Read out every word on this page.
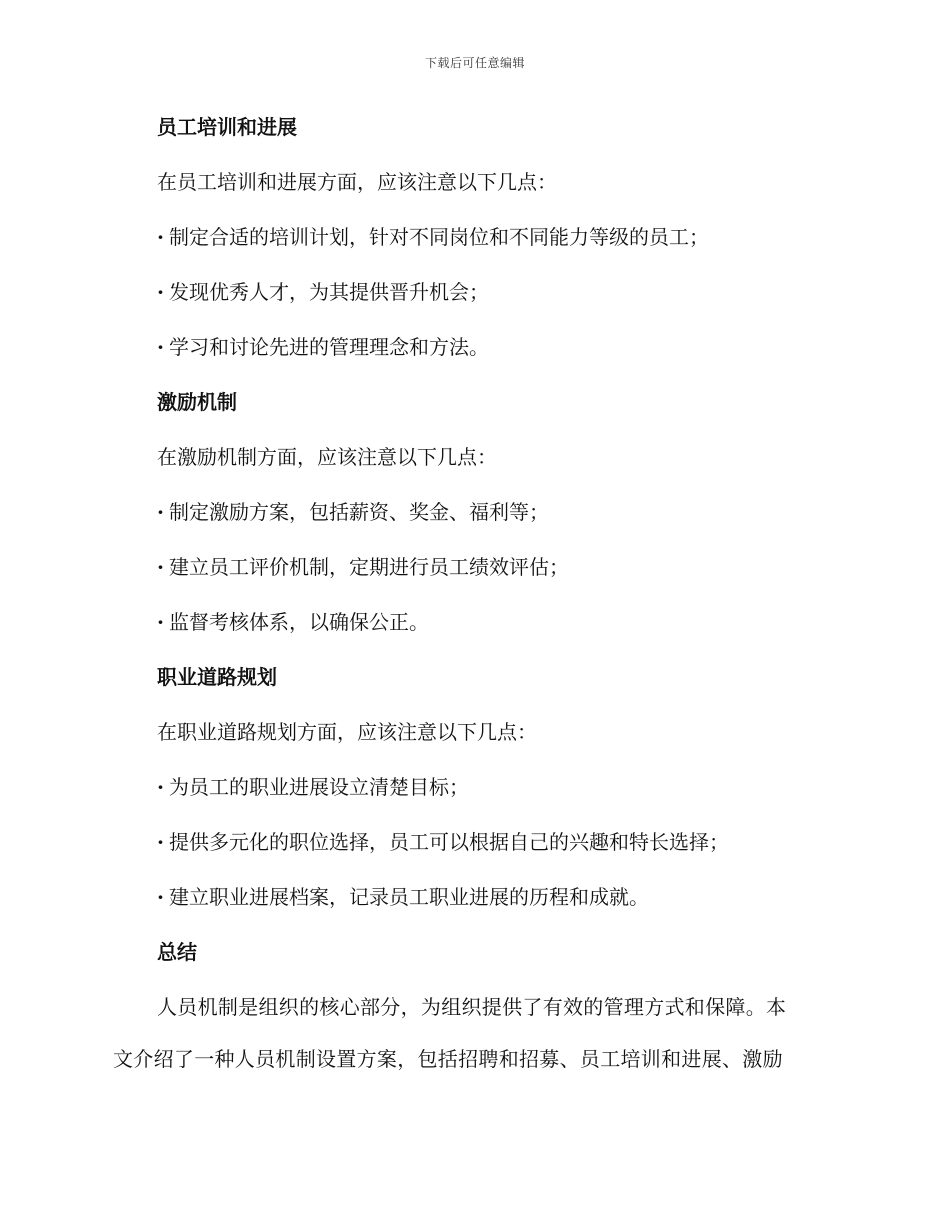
下载后可任意编辑
员工培训和进展

在员工培训和进展方面，应该注意以下几点：

· 制定合适的培训计划，针对不同岗位和不同能力等级的员工；

· 发现优秀人才，为其提供晋升机会；

· 学习和讨论先进的管理理念和方法。

激励机制

在激励机制方面，应该注意以下几点：

· 制定激励方案，包括薪资、奖金、福利等；

· 建立员工评价机制，定期进行员工绩效评估；

· 监督考核体系，以确保公正。

职业道路规划

在职业道路规划方面，应该注意以下几点：

· 为员工的职业进展设立清楚目标；

· 提供多元化的职位选择，员工可以根据自己的兴趣和特长选择；

· 建立职业进展档案，记录员工职业进展的历程和成就。

总结

人员机制是组织的核心部分，为组织提供了有效的管理方式和保障。本
文介绍了一种人员机制设置方案，包括招聘和招募、员工培训和进展、激励
